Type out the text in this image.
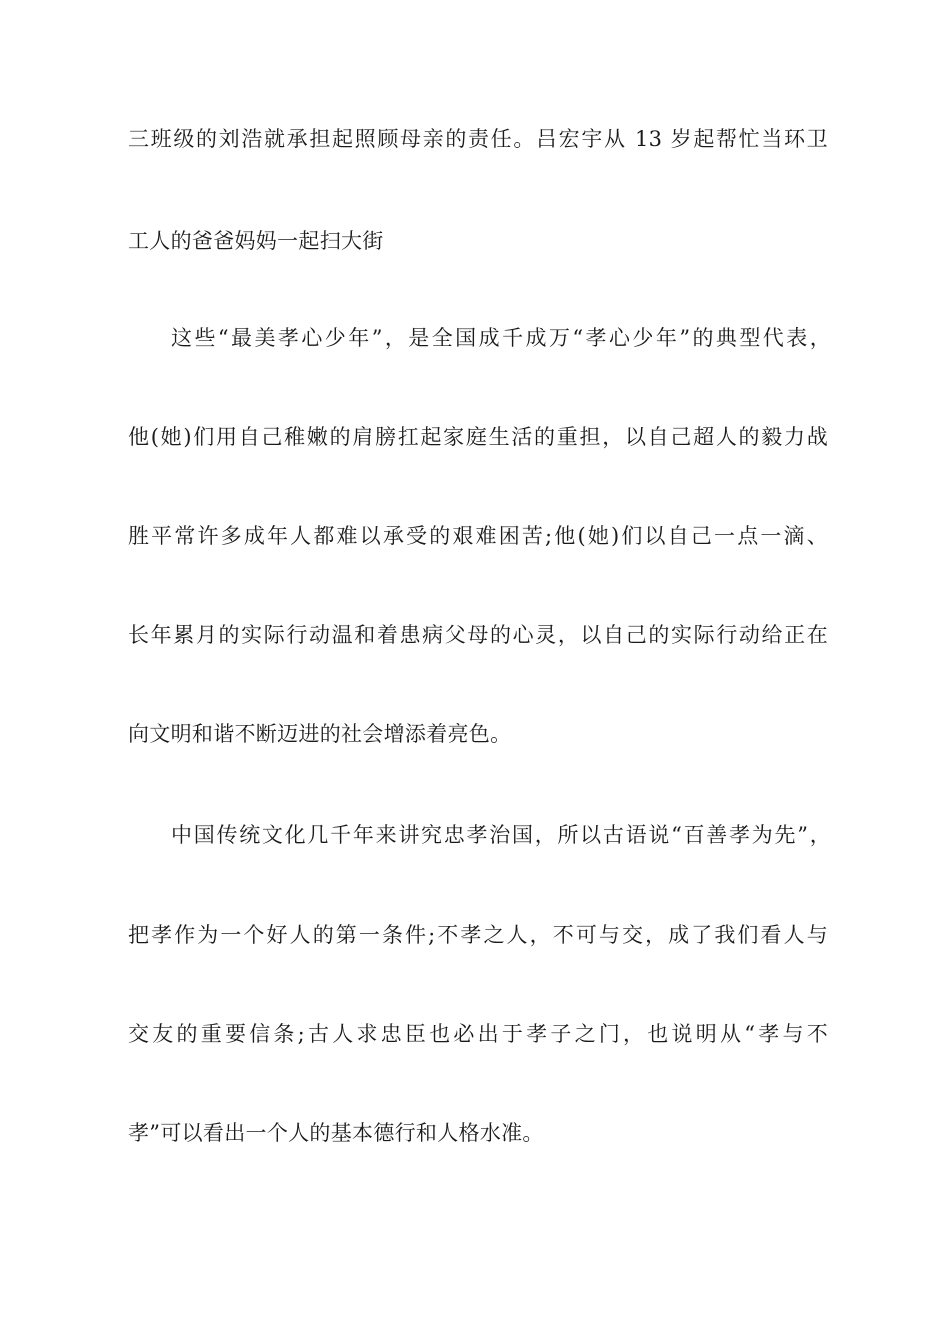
三班级的刘浩就承担起照顾母亲的责任。吕宏宇从 13 岁起帮忙当环卫
工人的爸爸妈妈一起扫大街
这些“最美孝心少年”，是全国成千成万“孝心少年”的典型代表，
他(她)们用自己稚嫩的肩膀扛起家庭生活的重担，以自己超人的毅力战
胜平常许多成年人都难以承受的艰难困苦;他(她)们以自己一点一滴、
长年累月的实际行动温和着患病父母的心灵，以自己的实际行动给正在
向文明和谐不断迈进的社会增添着亮色。
中国传统文化几千年来讲究忠孝治国，所以古语说“百善孝为先”，
把孝作为一个好人的第一条件;不孝之人，不可与交，成了我们看人与
交友的重要信条;古人求忠臣也必出于孝子之门，也说明从“孝与不
孝”可以看出一个人的基本德行和人格水准。
